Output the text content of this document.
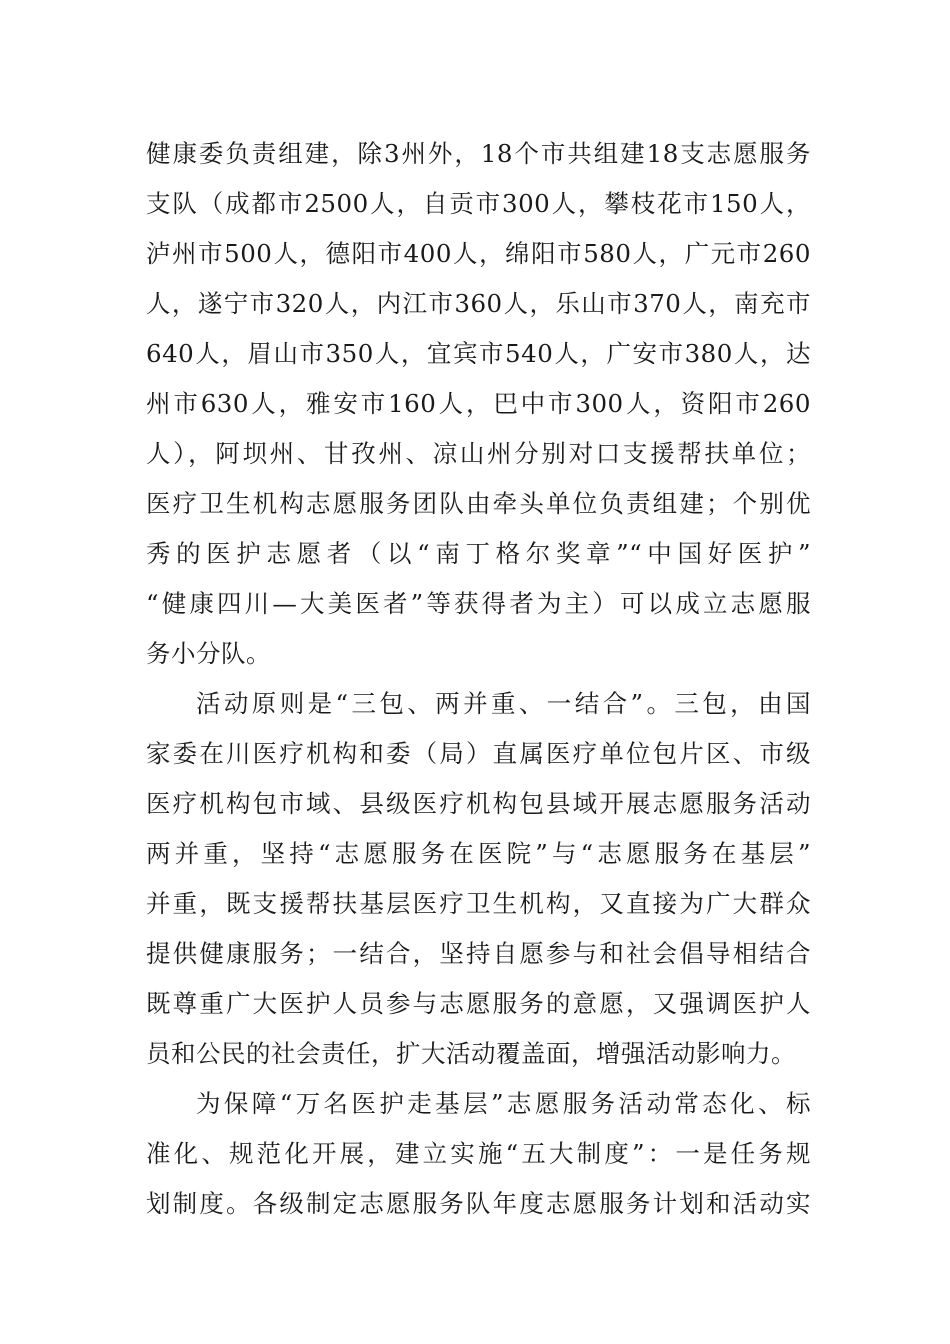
健康委负责组建，除3州外，18个市共组建18支志愿服务
支队（成都市2500人，自贡市300人，攀枝花市150人，
泸州市500人，德阳市400人，绵阳市580人，广元市260
人，遂宁市320人，内江市360人，乐山市370人，南充市
640人，眉山市350人，宜宾市540人，广安市380人，达
州市630人，雅安市160人，巴中市300人，资阳市260
人），阿坝州、甘孜州、凉山州分别对口支援帮扶单位；
医疗卫生机构志愿服务团队由牵头单位负责组建；个别优
秀的医护志愿者（以“南丁格尔奖章”“中国好医护”
“健康四川—大美医者”等获得者为主）可以成立志愿服
务小分队。
活动原则是“三包、两并重、一结合”。三包，由国
家委在川医疗机构和委（局）直属医疗单位包片区、市级
医疗机构包市域、县级医疗机构包县域开展志愿服务活动
两并重，坚持“志愿服务在医院”与“志愿服务在基层”
并重，既支援帮扶基层医疗卫生机构，又直接为广大群众
提供健康服务；一结合，坚持自愿参与和社会倡导相结合
既尊重广大医护人员参与志愿服务的意愿，又强调医护人
员和公民的社会责任，扩大活动覆盖面，增强活动影响力。
为保障“万名医护走基层”志愿服务活动常态化、标
准化、规范化开展，建立实施“五大制度”：一是任务规
划制度。各级制定志愿服务队年度志愿服务计划和活动实
